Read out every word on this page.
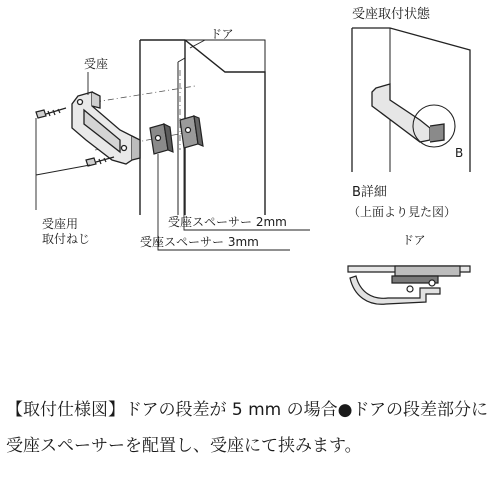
ドア
受座
受座用
取付ねじ
受座スペーサー 2mm
受座スペーサー 3mm
受座取付状態
B
B詳細
（上面より見た図）
ドア
【取付仕様図】ドアの段差が 5 mm の場合●ドアの段差部分に受座スペーサーを配置し、受座にて挟みます。
